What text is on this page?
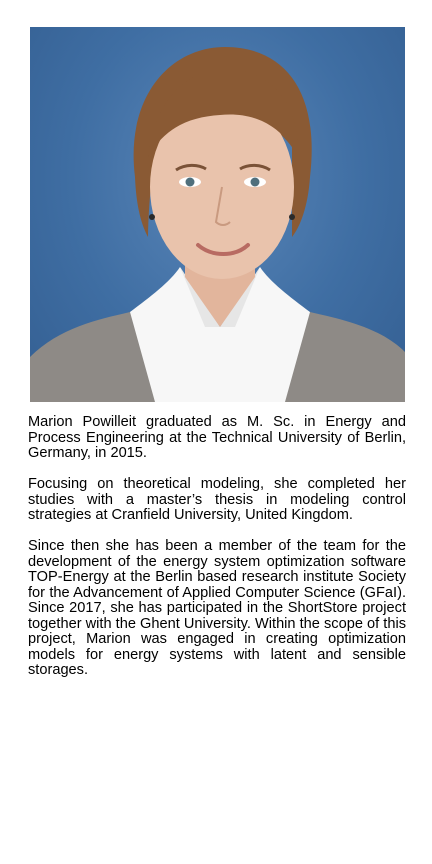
Marion Powilleit graduated as M. Sc. in Energy and Process Engineering at the Technical University of Berlin, Germany, in 2015.

Focusing on theoretical modeling, she completed her studies with a master’s thesis in modeling control strategies at Cranfield University, United Kingdom.

Since then she has been a member of the team for the development of the energy system optimization software TOP-Energy at the Berlin based research institute Society for the Advancement of Applied Computer Science (GFaI). Since 2017, she has participated in the ShortStore project together with the Ghent University. Within the scope of this project, Marion was engaged in creating optimization models for energy systems with latent and sensible storages.
